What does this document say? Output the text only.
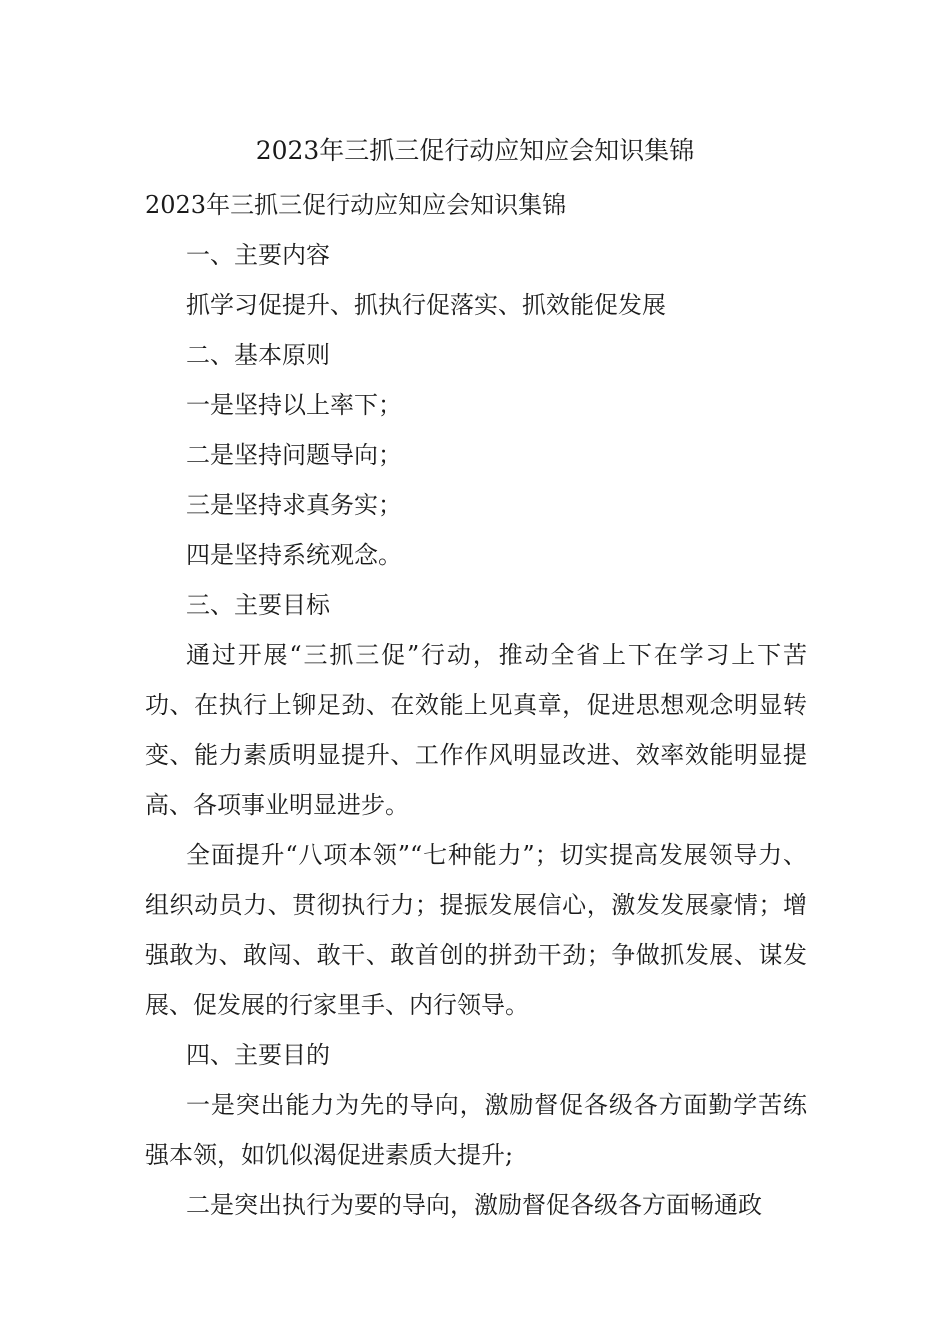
2023年三抓三促行动应知应会知识集锦

2023年三抓三促行动应知应会知识集锦

一、主要内容

抓学习促提升、抓执行促落实、抓效能促发展

二、基本原则

一是坚持以上率下；

二是坚持问题导向；

三是坚持求真务实；

四是坚持系统观念。

三、主要目标

通过开展“三抓三促”行动，推动全省上下在学习上下苦功、在执行上铆足劲、在效能上见真章，促进思想观念明显转变、能力素质明显提升、工作作风明显改进、效率效能明显提高、各项事业明显进步。

全面提升“八项本领”“七种能力”；切实提高发展领导力、组织动员力、贯彻执行力；提振发展信心，激发发展豪情；增强敢为、敢闯、敢干、敢首创的拼劲干劲；争做抓发展、谋发展、促发展的行家里手、内行领导。

四、主要目的

一是突出能力为先的导向，激励督促各级各方面勤学苦练强本领，如饥似渴促进素质大提升;

二是突出执行为要的导向，激励督促各级各方面畅通政
